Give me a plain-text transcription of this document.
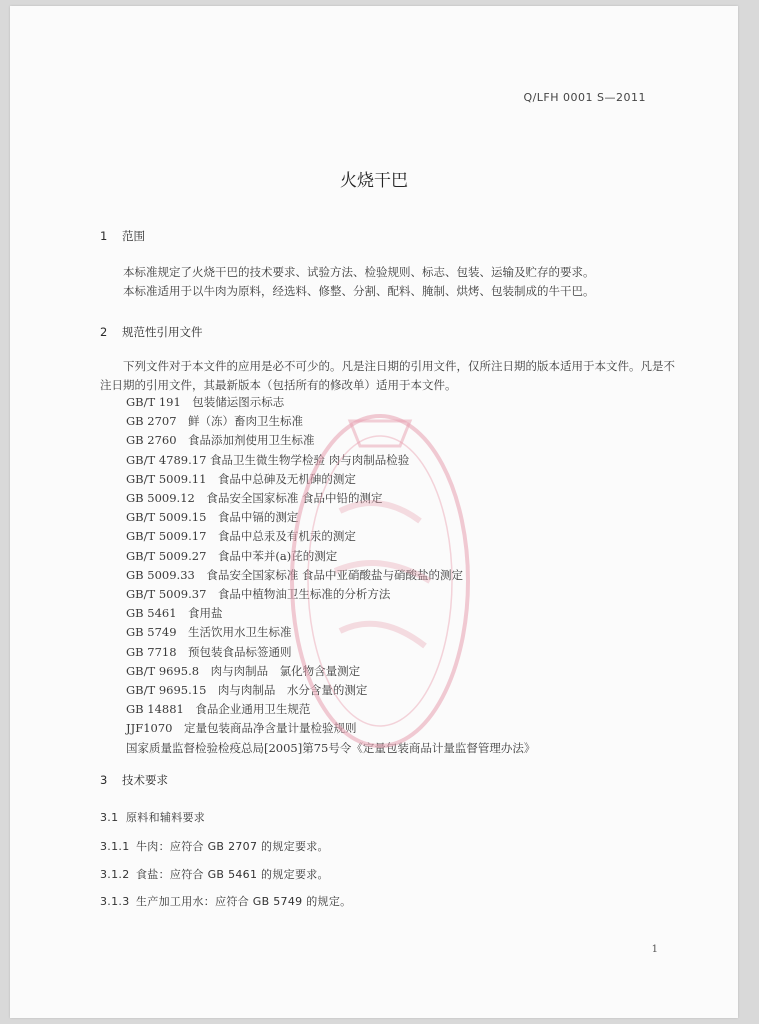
Q/LFH 0001 S—2011
火烧干巴
1 范围

本标准规定了火烧干巴的技术要求、试验方法、检验规则、标志、包装、运输及贮存的要求。

本标准适用于以牛肉为原料，经选料、修整、分割、配料、腌制、烘烤、包装制成的牛干巴。

2 规范性引用文件

下列文件对于本文件的应用是必不可少的。凡是注日期的引用文件，仅所注日期的版本适用于本文件。凡是不注日期的引用文件，其最新版本（包括所有的修改单）适用于本文件。

GB/T 191　包装储运图示标志
GB 2707　鲜（冻）畜肉卫生标准
GB 2760　食品添加剂使用卫生标准
GB/T 4789.17 食品卫生微生物学检验 肉与肉制品检验
GB/T 5009.11　食品中总砷及无机砷的测定
GB 5009.12　食品安全国家标准 食品中铅的测定
GB/T 5009.15　食品中镉的测定
GB/T 5009.17　食品中总汞及有机汞的测定
GB/T 5009.27　食品中苯并(a)芘的测定
GB 5009.33　食品安全国家标准 食品中亚硝酸盐与硝酸盐的测定
GB/T 5009.37　食品中植物油卫生标准的分析方法
GB 5461　食用盐
GB 5749　生活饮用水卫生标准
GB 7718　预包装食品标签通则
GB/T 9695.8　肉与肉制品　氯化物含量测定
GB/T 9695.15　肉与肉制品　水分含量的测定
GB 14881　食品企业通用卫生规范
JJF1070　定量包装商品净含量计量检验规则
国家质量监督检验检疫总局[2005]第75号令《定量包装商品计量监督管理办法》
3 技术要求
3.1 原料和辅料要求
3.1.1 牛肉：应符合 GB 2707 的规定要求。
3.1.2 食盐：应符合 GB 5461 的规定要求。
3.1.3 生产加工用水：应符合 GB 5749 的规定。
1
